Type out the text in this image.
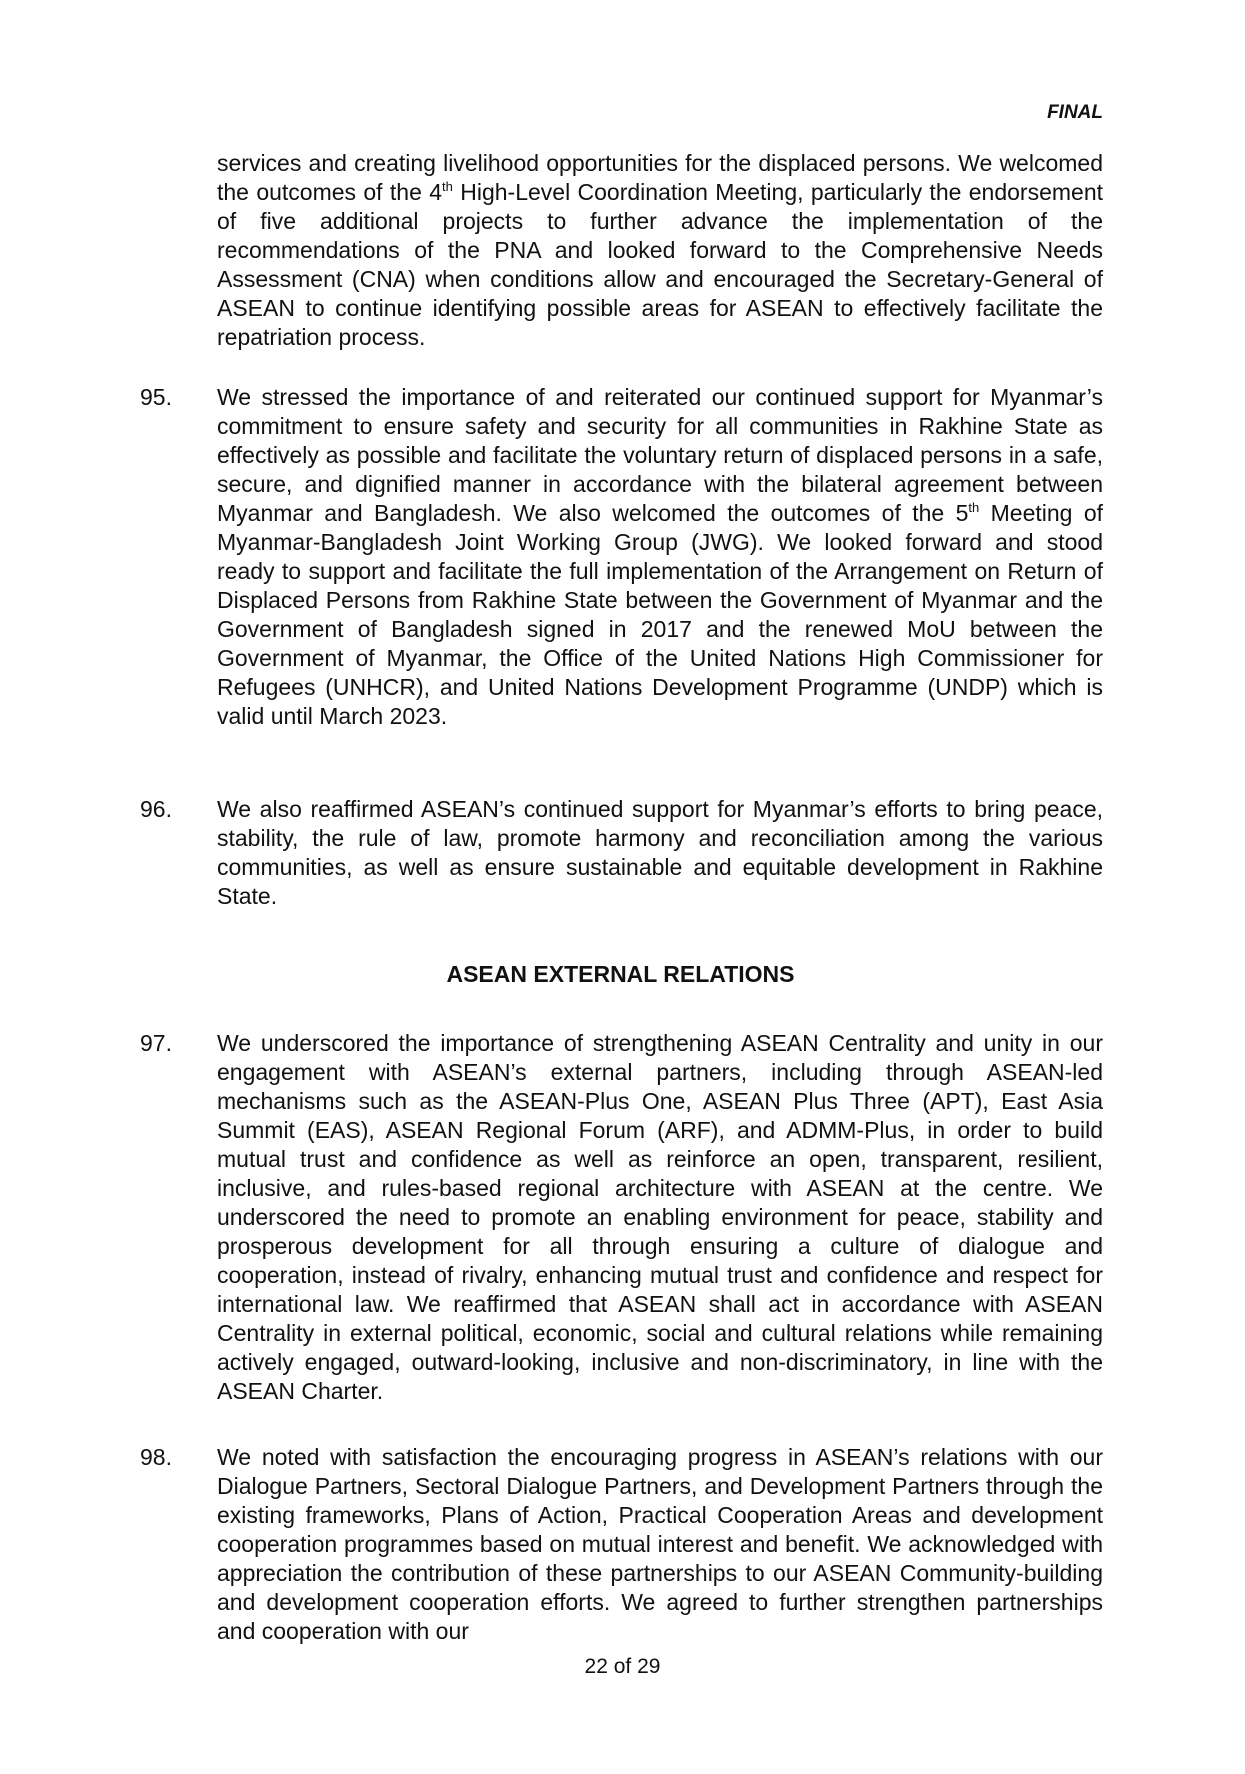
FINAL
services and creating livelihood opportunities for the displaced persons. We welcomed the outcomes of the 4th High-Level Coordination Meeting, particularly the endorsement of five additional projects to further advance the implementation of the recommendations of the PNA and looked forward to the Comprehensive Needs Assessment (CNA) when conditions allow and encouraged the Secretary-General of ASEAN to continue identifying possible areas for ASEAN to effectively facilitate the repatriation process.
95.	We stressed the importance of and reiterated our continued support for Myanmar’s commitment to ensure safety and security for all communities in Rakhine State as effectively as possible and facilitate the voluntary return of displaced persons in a safe, secure, and dignified manner in accordance with the bilateral agreement between Myanmar and Bangladesh. We also welcomed the outcomes of the 5th Meeting of Myanmar-Bangladesh Joint Working Group (JWG). We looked forward and stood ready to support and facilitate the full implementation of the Arrangement on Return of Displaced Persons from Rakhine State between the Government of Myanmar and the Government of Bangladesh signed in 2017 and the renewed MoU between the Government of Myanmar, the Office of the United Nations High Commissioner for Refugees (UNHCR), and United Nations Development Programme (UNDP) which is valid until March 2023.
96.	We also reaffirmed ASEAN’s continued support for Myanmar’s efforts to bring peace, stability, the rule of law, promote harmony and reconciliation among the various communities, as well as ensure sustainable and equitable development in Rakhine State.
ASEAN EXTERNAL RELATIONS
97.	We underscored the importance of strengthening ASEAN Centrality and unity in our engagement with ASEAN’s external partners, including through ASEAN-led mechanisms such as the ASEAN-Plus One, ASEAN Plus Three (APT), East Asia Summit (EAS), ASEAN Regional Forum (ARF), and ADMM-Plus, in order to build mutual trust and confidence as well as reinforce an open, transparent, resilient, inclusive, and rules-based regional architecture with ASEAN at the centre. We underscored the need to promote an enabling environment for peace, stability and prosperous development for all through ensuring a culture of dialogue and cooperation, instead of rivalry, enhancing mutual trust and confidence and respect for international law. We reaffirmed that ASEAN shall act in accordance with ASEAN Centrality in external political, economic, social and cultural relations while remaining actively engaged, outward-looking, inclusive and non-discriminatory, in line with the ASEAN Charter.
98.	We noted with satisfaction the encouraging progress in ASEAN’s relations with our Dialogue Partners, Sectoral Dialogue Partners, and Development Partners through the existing frameworks, Plans of Action, Practical Cooperation Areas and development cooperation programmes based on mutual interest and benefit. We acknowledged with appreciation the contribution of these partnerships to our ASEAN Community-building and development cooperation efforts. We agreed to further strengthen partnerships and cooperation with our
22 of 29
